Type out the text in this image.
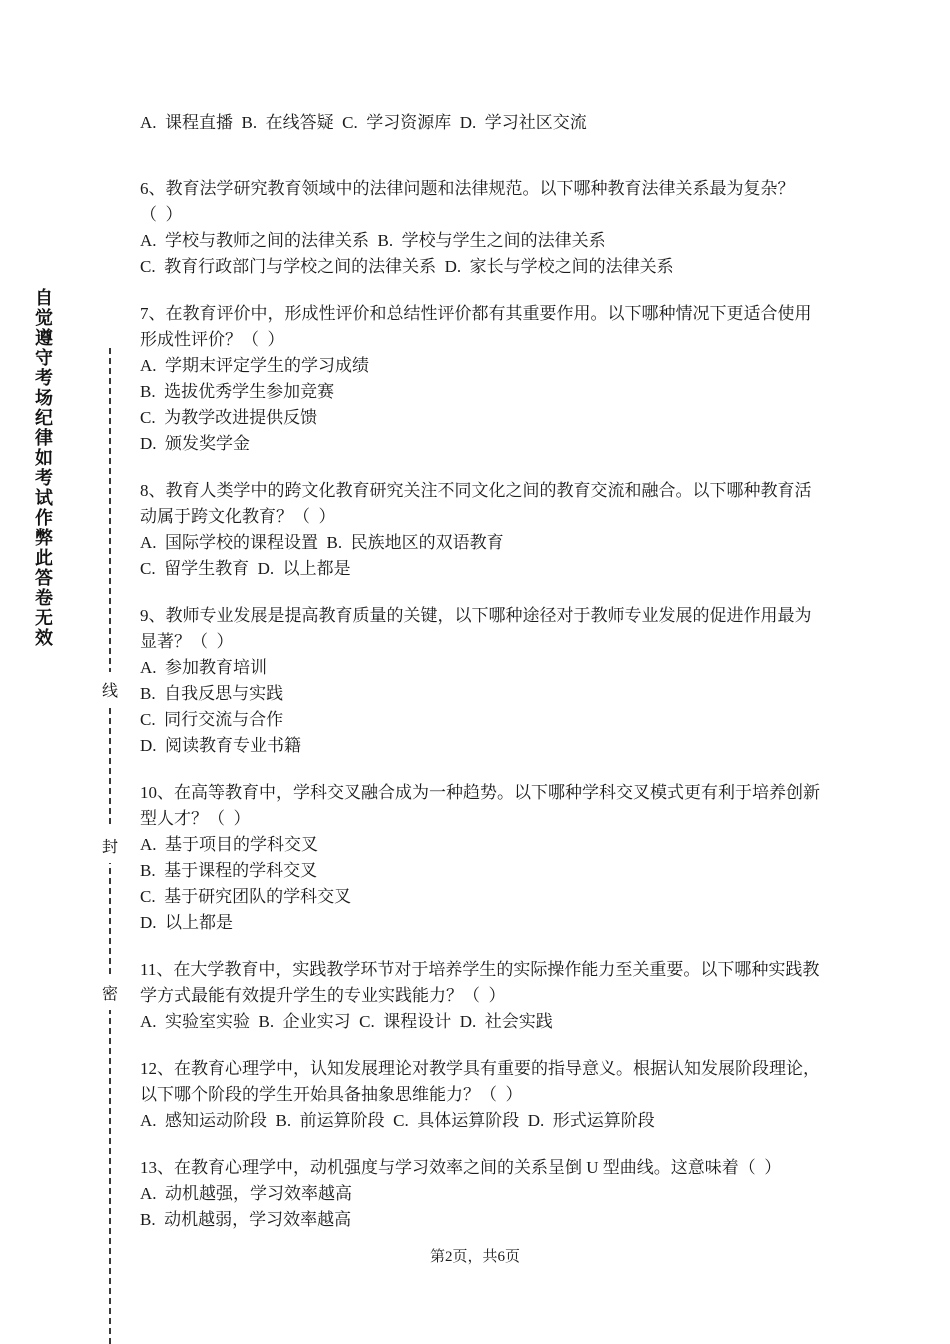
自觉遵守考场纪律如考试作弊此答卷无效
线
封
密
A.  课程直播  B.  在线答疑  C.  学习资源库  D.  学习社区交流
6、教育法学研究教育领域中的法律问题和法律规范。以下哪种教育法律关系最为复杂？
（  ）
A.  学校与教师之间的法律关系  B.  学校与学生之间的法律关系
C.  教育行政部门与学校之间的法律关系  D.  家长与学校之间的法律关系
7、在教育评价中，形成性评价和总结性评价都有其重要作用。以下哪种情况下更适合使用
形成性评价？（  ）
A.  学期末评定学生的学习成绩
B.  选拔优秀学生参加竞赛
C.  为教学改进提供反馈
D.  颁发奖学金
8、教育人类学中的跨文化教育研究关注不同文化之间的教育交流和融合。以下哪种教育活
动属于跨文化教育？（  ）
A.  国际学校的课程设置  B.  民族地区的双语教育
C.  留学生教育  D.  以上都是
9、教师专业发展是提高教育质量的关键，以下哪种途径对于教师专业发展的促进作用最为
显著？（  ）
A.  参加教育培训
B.  自我反思与实践
C.  同行交流与合作
D.  阅读教育专业书籍
10、在高等教育中，学科交叉融合成为一种趋势。以下哪种学科交叉模式更有利于培养创新
型人才？（  ）
A.  基于项目的学科交叉
B.  基于课程的学科交叉
C.  基于研究团队的学科交叉
D.  以上都是
11、在大学教育中，实践教学环节对于培养学生的实际操作能力至关重要。以下哪种实践教
学方式最能有效提升学生的专业实践能力？（  ）
A.  实验室实验  B.  企业实习  C.  课程设计  D.  社会实践
12、在教育心理学中，认知发展理论对教学具有重要的指导意义。根据认知发展阶段理论，
以下哪个阶段的学生开始具备抽象思维能力？（  ）
A.  感知运动阶段  B.  前运算阶段  C.  具体运算阶段  D.  形式运算阶段
13、在教育心理学中，动机强度与学习效率之间的关系呈倒 U 型曲线。这意味着（  ）
A.  动机越强，学习效率越高
B.  动机越弱，学习效率越高
第2页，共6页
